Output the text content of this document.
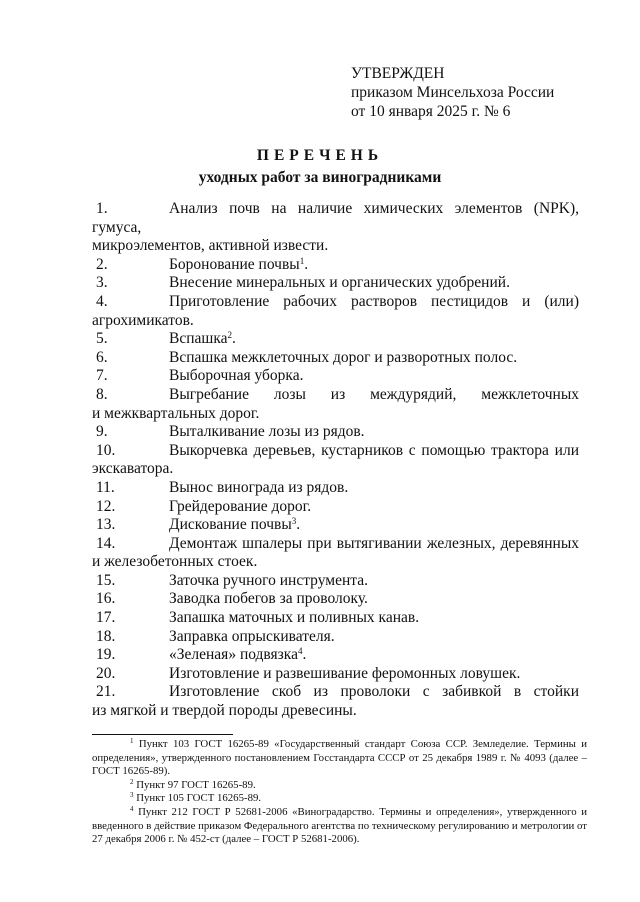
УТВЕРЖДЕН
приказом Минсельхоза России
от 10 января 2025 г. № 6
ПЕРЕЧЕНЬ
уходных работ за виноградниками
1.	Анализ почв на наличие химических элементов (NPK), гумуса,
микроэлементов, активной извести.
2.	Боронование почвы$^1$.
3.	Внесение минеральных и органических удобрений.
4.	Приготовление рабочих растворов пестицидов и (или)
агрохимикатов.
5.	Вспашка$^2$.
6.	Вспашка межклеточных дорог и разворотных полос.
7.	Выборочная уборка.
8.	Выгребание лозы из междурядий, межклеточных
и межквартальных дорог.
9.	Выталкивание лозы из рядов.
10.	Выкорчевка деревьев, кустарников с помощью трактора или
экскаватора.
11.	Вынос винограда из рядов.
12.	Грейдерование дорог.
13.	Дискование почвы$^3$.
14.	Демонтаж шпалеры при вытягивании железных, деревянных
и железобетонных стоек.
15.	Заточка ручного инструмента.
16.	Заводка побегов за проволоку.
17.	Запашка маточных и поливных канав.
18.	Заправка опрыскивателя.
19.	«Зеленая» подвязка$^4$.
20.	Изготовление и развешивание феромонных ловушек.
21.	Изготовление скоб из проволоки с забивкой в стойки
из мягкой и твердой породы древесины.
$^1$ Пункт 103 ГОСТ 16265-89 «Государственный стандарт Союза ССР. Земледелие. Термины и определения», утвержденного постановлением Госстандарта СССР от 25 декабря 1989 г. № 4093 (далее – ГОСТ 16265-89).
$^2$ Пункт 97 ГОСТ 16265-89.
$^3$ Пункт 105 ГОСТ 16265-89.
$^4$ Пункт 212 ГОСТ Р 52681-2006 «Виноградарство. Термины и определения», утвержденного и введенного в действие приказом Федерального агентства по техническому регулированию и метрологии от 27 декабря 2006 г. № 452-ст (далее – ГОСТ Р 52681-2006).
